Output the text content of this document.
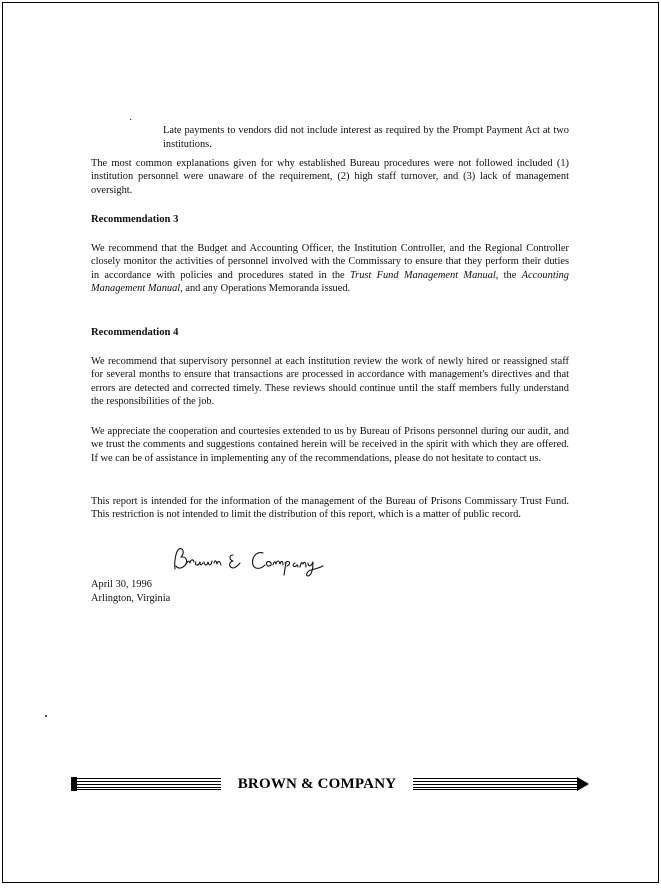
·

Late payments to vendors did not include interest as required by the Prompt Payment Act at two institutions.

The most common explanations given for why established Bureau procedures were not followed included (1) institution personnel were unaware of the requirement, (2) high staff turnover, and (3) lack of management oversight.

Recommendation 3

We recommend that the Budget and Accounting Officer, the Institution Controller, and the Regional Controller closely monitor the activities of personnel involved with the Commissary to ensure that they perform their duties in accordance with policies and procedures stated in the Trust Fund Management Manual, the Accounting Management Manual, and any Operations Memoranda issued.

Recommendation 4

We recommend that supervisory personnel at each institution review the work of newly hired or reassigned staff for several months to ensure that transactions are processed in accordance with management's directives and that errors are detected and corrected timely. These reviews should continue until the staff members fully understand the responsibilities of the job.

We appreciate the cooperation and courtesies extended to us by Bureau of Prisons personnel during our audit, and we trust the comments and suggestions contained herein will be received in the spirit with which they are offered. If we can be of assistance in implementing any of the recommendations, please do not hesitate to contact us.

This report is intended for the information of the management of the Bureau of Prisons Commissary Trust Fund. This restriction is not intended to limit the distribution of this report, which is a matter of public record.

April 30, 1996
Arlington, Virginia
BROWN & COMPANY
